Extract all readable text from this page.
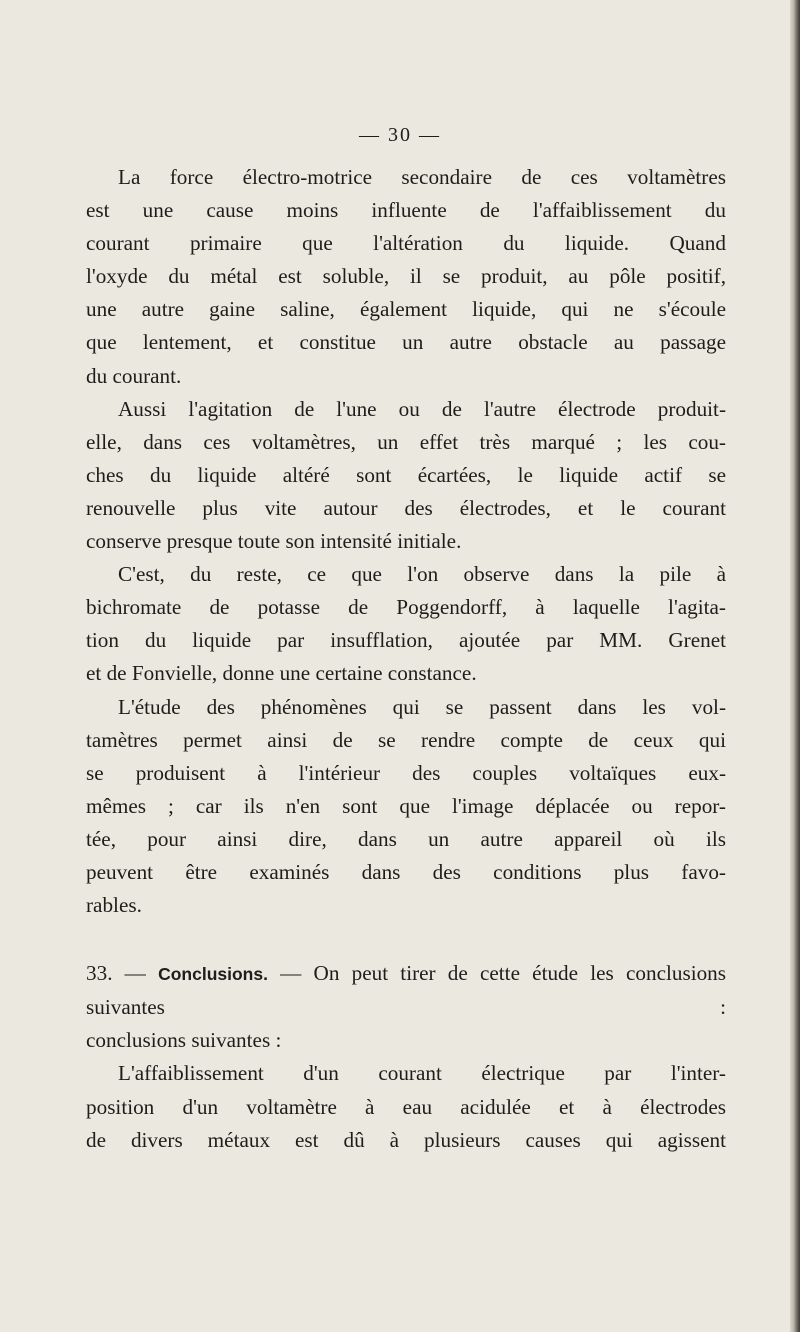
— 30 —
La force électro-motrice secondaire de ces voltamètres
est une cause moins influente de l'affaiblissement du
courant primaire que l'altération du liquide. Quand
l'oxyde du métal est soluble, il se produit, au pôle positif,
une autre gaine saline, également liquide, qui ne s'écoule
que lentement, et constitue un autre obstacle au passage
du courant.
Aussi l'agitation de l'une ou de l'autre électrode produit-
elle, dans ces voltamètres, un effet très marqué ; les cou-
ches du liquide altéré sont écartées, le liquide actif se
renouvelle plus vite autour des électrodes, et le courant
conserve presque toute son intensité initiale.
C'est, du reste, ce que l'on observe dans la pile à
bichromate de potasse de Poggendorff, à laquelle l'agita-
tion du liquide par insufflation, ajoutée par MM. Grenet
et de Fonvielle, donne une certaine constance.
L'étude des phénomènes qui se passent dans les vol-
tamètres permet ainsi de se rendre compte de ceux qui
se produisent à l'intérieur des couples voltaïques eux-
mêmes ; car ils n'en sont que l'image déplacée ou repor-
tée, pour ainsi dire, dans un autre appareil où ils
peuvent être examinés dans des conditions plus favo-
rables.
33. — Conclusions. — On peut tirer de cette étude les conclusions suivantes :
conclusions suivantes :
L'affaiblissement d'un courant électrique par l'inter-
position d'un voltamètre à eau acidulée et à électrodes
de divers métaux est dû à plusieurs causes qui agissent
